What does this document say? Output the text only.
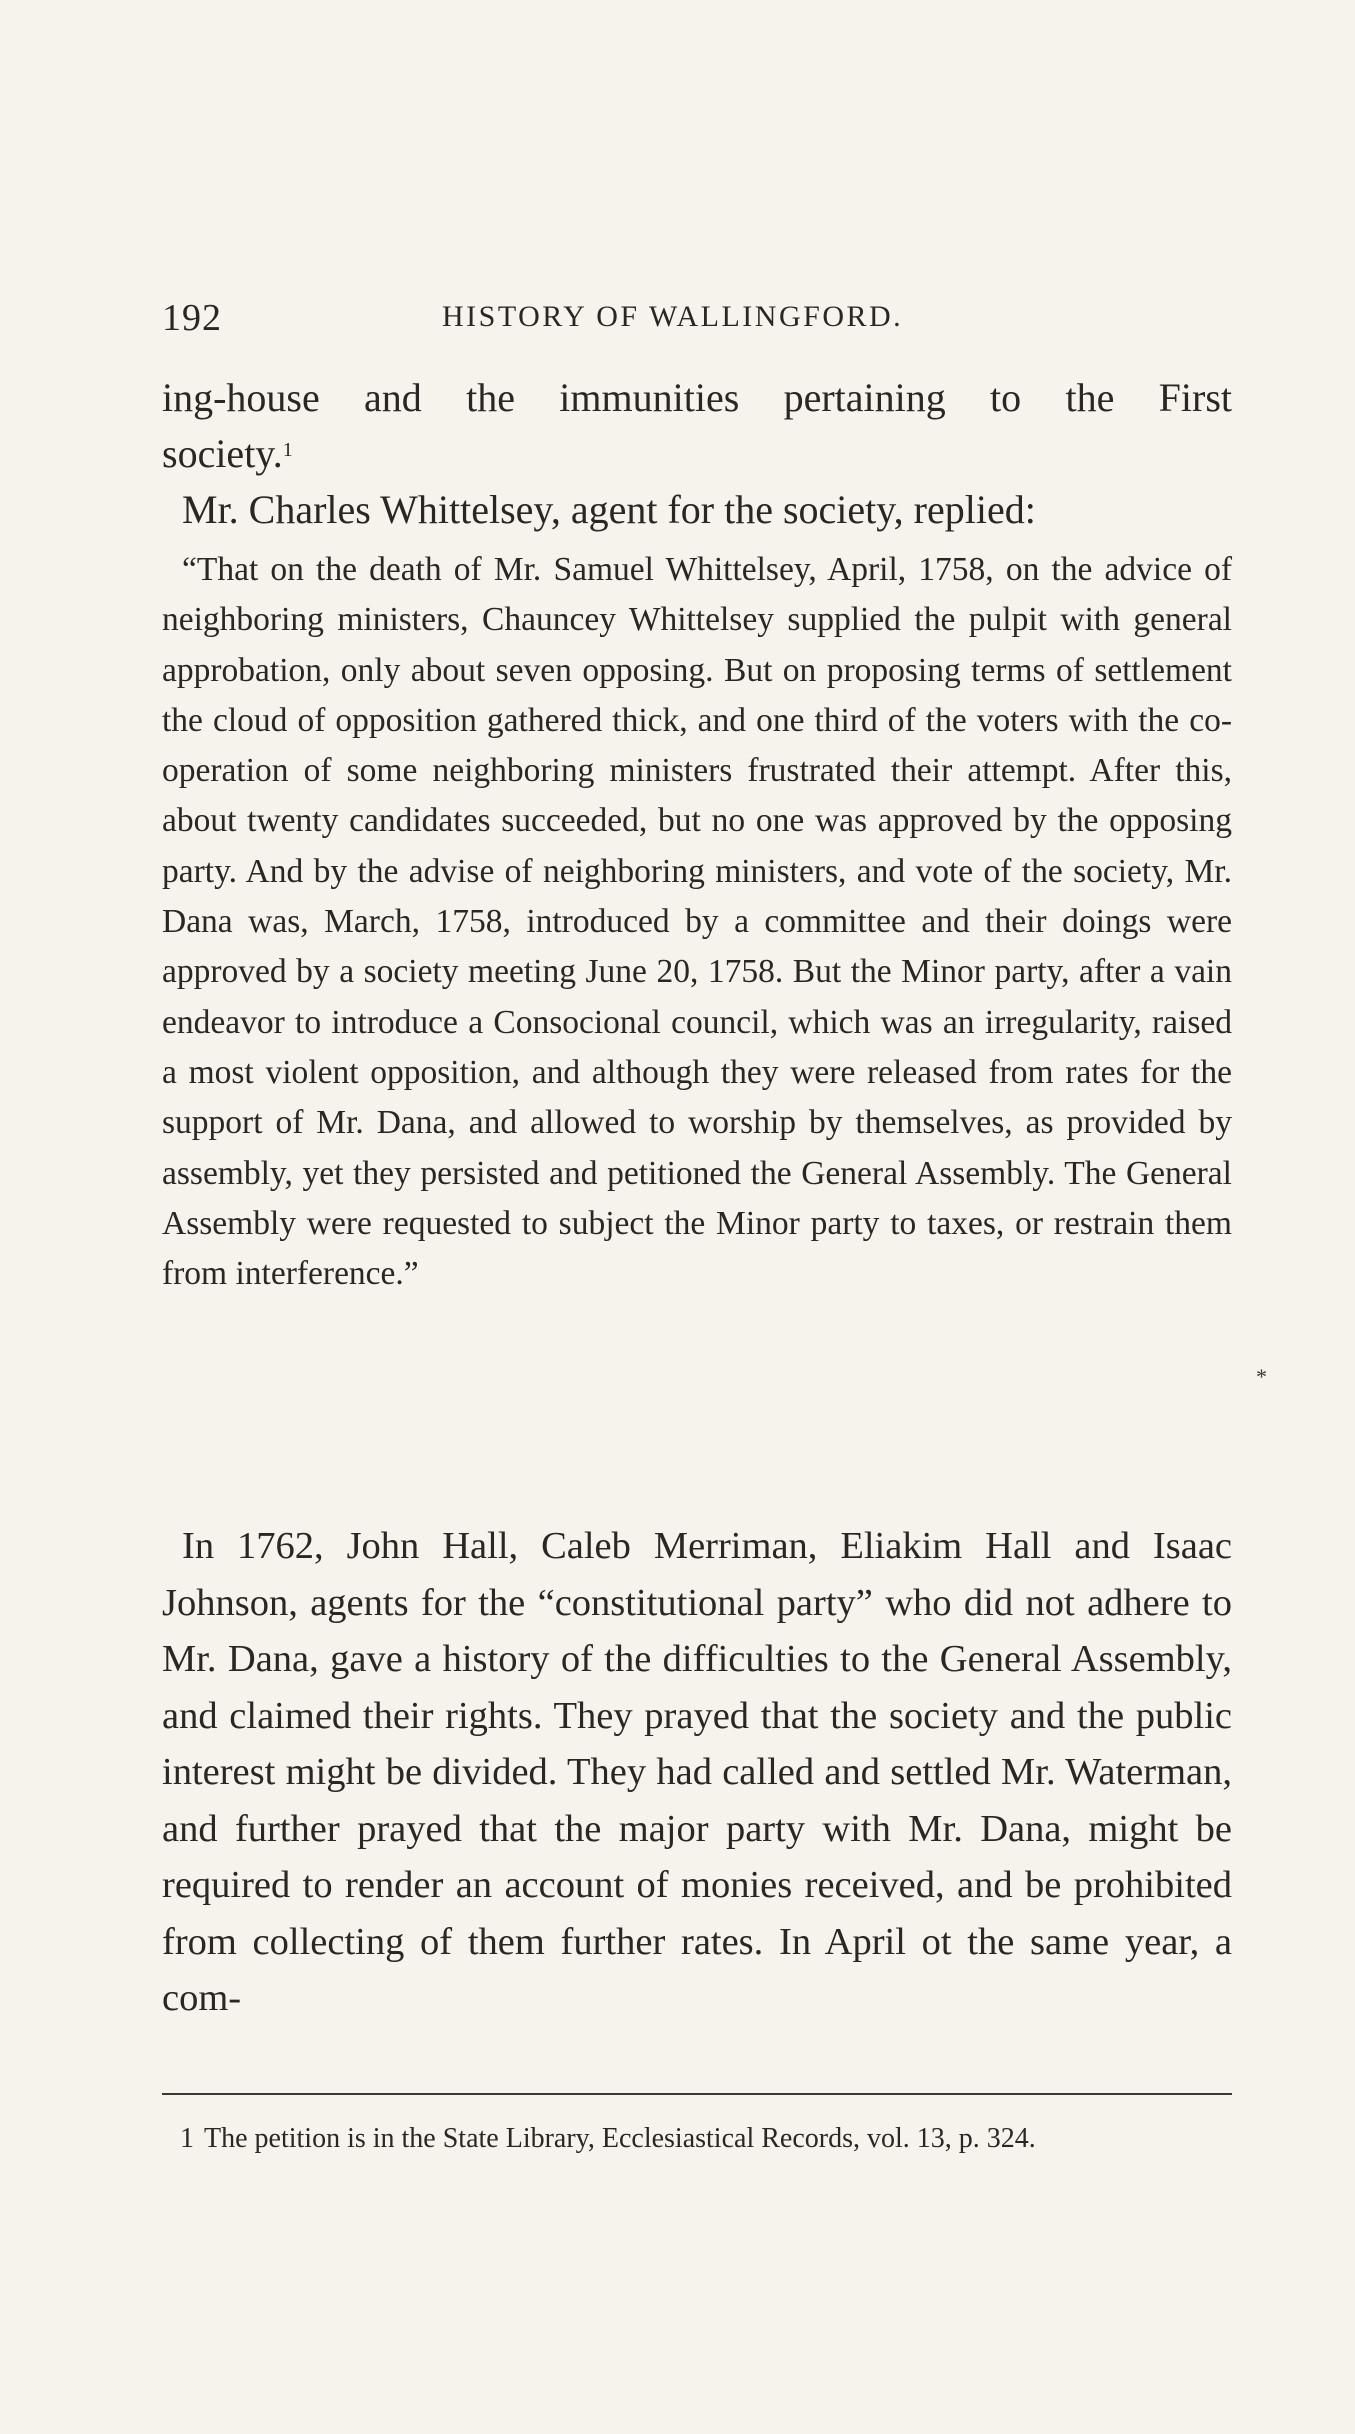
192	HISTORY OF WALLINGFORD.

ing-house and the immunities pertaining to the First

society.$^1$

Mr. Charles Whittelsey, agent for the society, replied:

“That on the death of Mr. Samuel Whittelsey, April, 1758, on the advice of neighboring ministers, Chauncey Whittelsey supplied the pulpit with general approbation, only about seven opposing. But on proposing terms of settlement the cloud of opposition gathered thick, and one third of the voters with the co-operation of some neighboring ministers frustrated their attempt. After this, about twenty candidates succeeded, but no one was approved by the opposing party. And by the advise of neighboring ministers, and vote of the society, Mr. Dana was, March, 1758, introduced by a committee and their doings were approved by a society meeting June 20, 1758. But the Minor party, after a vain endeavor to introduce a Consocional council, which was an irregularity, raised a most violent opposition, and although they were released from rates for the support of Mr. Dana, and allowed to worship by themselves, as provided by assembly, yet they persisted and petitioned the General Assembly. The General Assembly were requested to subject the Minor party to taxes, or restrain them from interference.”

In 1762, John Hall, Caleb Merriman, Eliakim Hall and Isaac Johnson, agents for the “constitutional party” who did not adhere to Mr. Dana, gave a history of the difficulties to the General Assembly, and claimed their rights. They prayed that the society and the public interest might be divided. They had called and settled Mr. Waterman, and further prayed that the major party with Mr. Dana, might be required to render an account of monies received, and be prohibited from collecting of them further rates. In April ot the same year, a com-

1 The petition is in the State Library, Ecclesiastical Records, vol. 13, p. 324.

*
